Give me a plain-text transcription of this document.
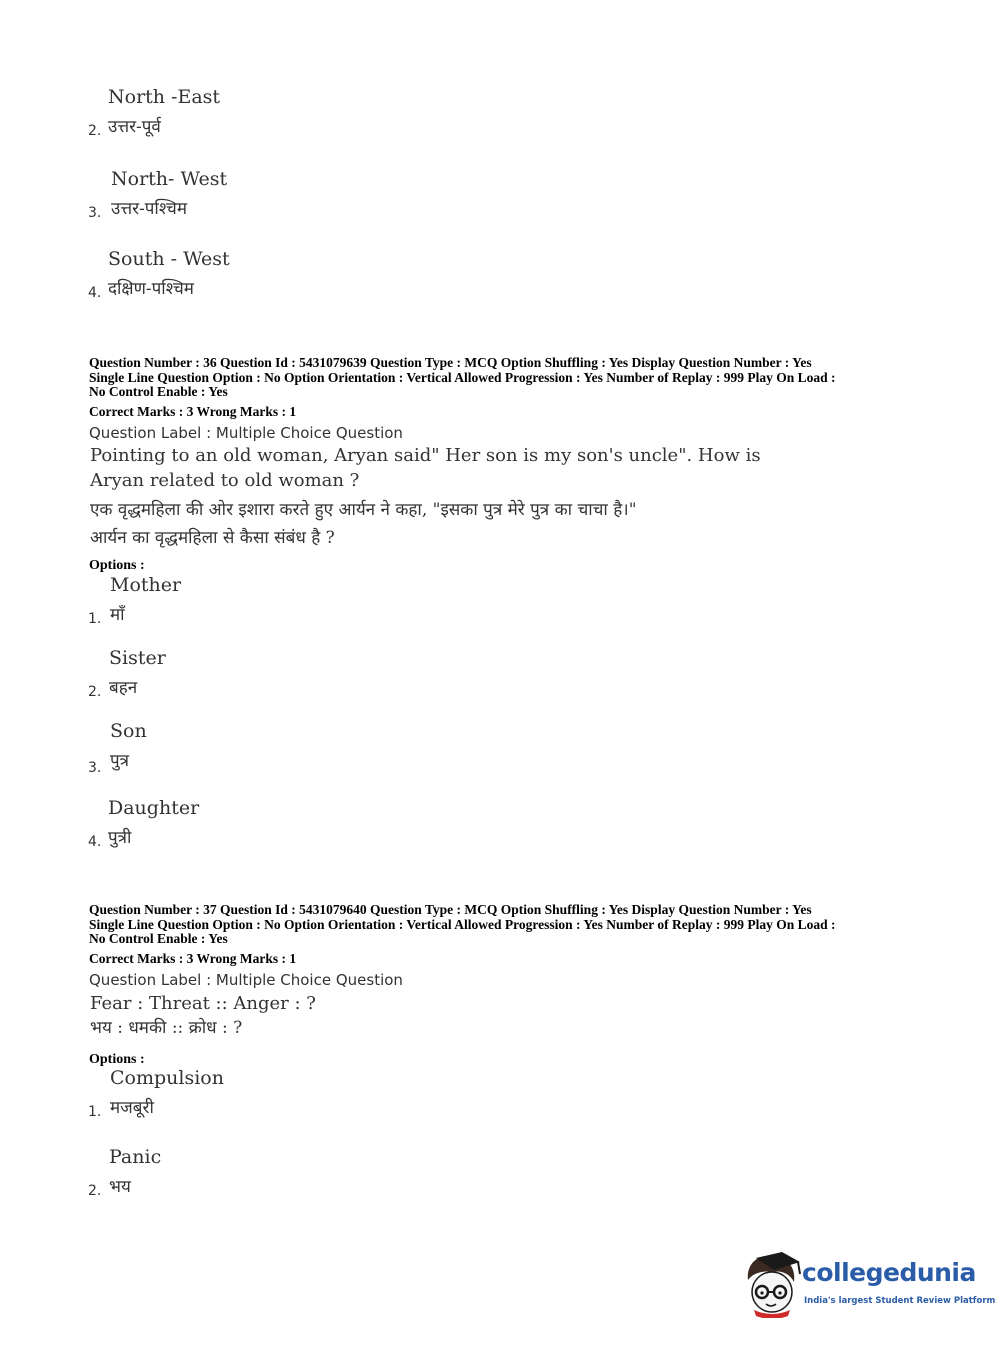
North -East
2. उत्तर-पूर्व
North- West
3. उत्तर-पश्चिम
South - West
4. दक्षिण-पश्चिम
Question Number : 36 Question Id : 5431079639 Question Type : MCQ Option Shuffling : Yes Display Question Number : Yes
Single Line Question Option : No Option Orientation : Vertical Allowed Progression : Yes Number of Replay : 999 Play On Load :
No Control Enable : Yes
Correct Marks : 3 Wrong Marks : 1
Question Label : Multiple Choice Question
Pointing to an old woman, Aryan said" Her son is my son's uncle". How is
Aryan related to old woman ?
एक वृद्धमहिला की ओर इशारा करते हुए आर्यन ने कहा, "इसका पुत्र मेरे पुत्र का चाचा है।"
आर्यन का वृद्धमहिला से कैसा संबंध है ?
Options :
Mother
1. माँ
Sister
2. बहन
Son
3. पुत्र
Daughter
4. पुत्री
Question Number : 37 Question Id : 5431079640 Question Type : MCQ Option Shuffling : Yes Display Question Number : Yes
Single Line Question Option : No Option Orientation : Vertical Allowed Progression : Yes Number of Replay : 999 Play On Load :
No Control Enable : Yes
Correct Marks : 3 Wrong Marks : 1
Question Label : Multiple Choice Question
Fear : Threat :: Anger : ?
भय : धमकी :: क्रोध : ?
Options :
Compulsion
1. मजबूरी
Panic
2. भय
collegedunia
India's largest Student Review Platform
